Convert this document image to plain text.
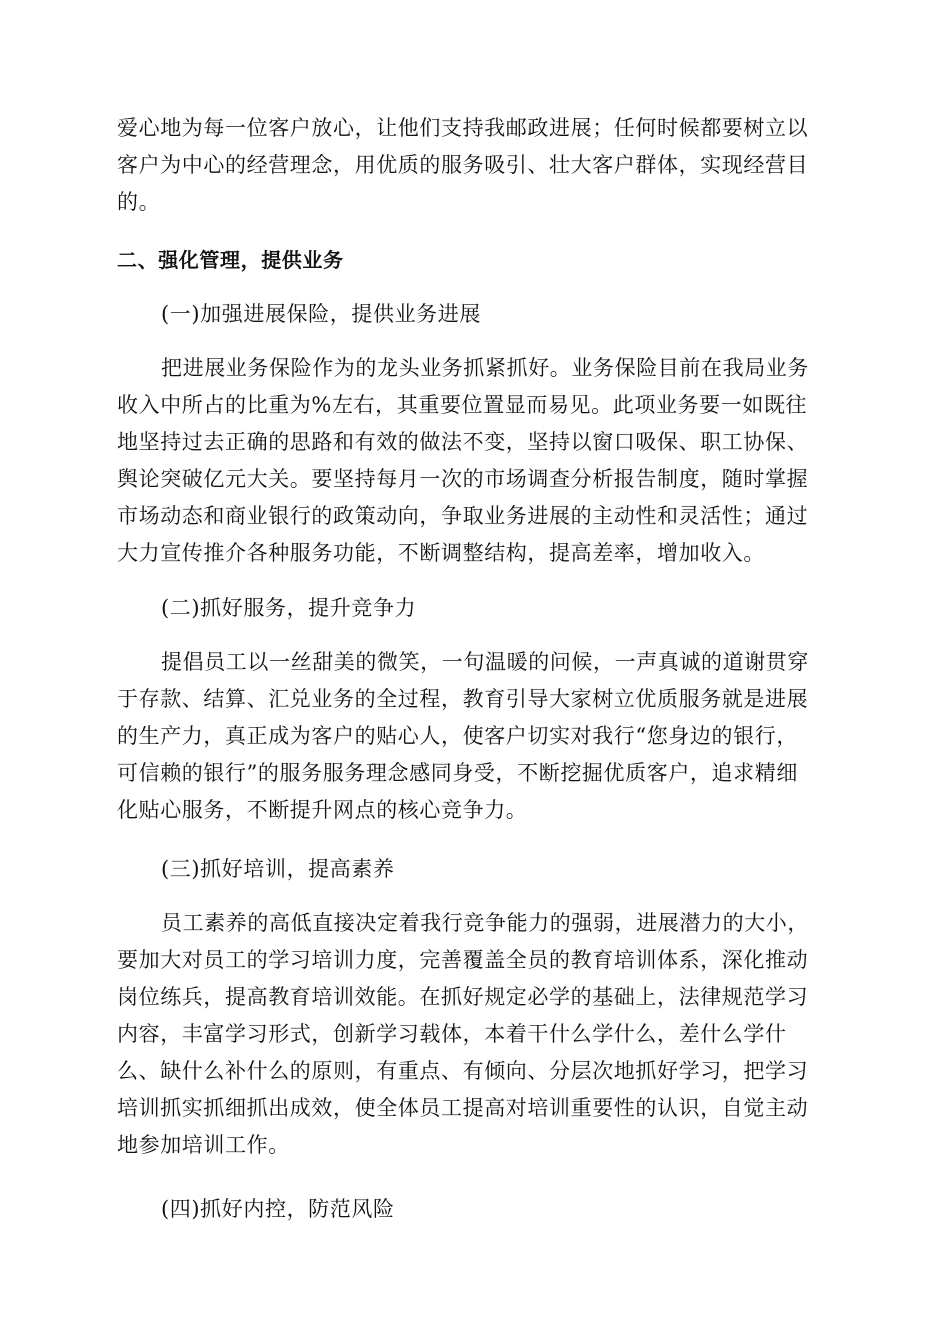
爱心地为每一位客户放心，让他们支持我邮政进展；任何时候都要树立以
客户为中心的经营理念，用优质的服务吸引、壮大客户群体，实现经营目
的。
二、强化管理，提供业务
(一)加强进展保险，提供业务进展
把进展业务保险作为的龙头业务抓紧抓好。业务保险目前在我局业务
收入中所占的比重为%左右，其重要位置显而易见。此项业务要一如既往
地坚持过去正确的思路和有效的做法不变，坚持以窗口吸保、职工协保、
舆论突破亿元大关。要坚持每月一次的市场调查分析报告制度，随时掌握
市场动态和商业银行的政策动向，争取业务进展的主动性和灵活性；通过
大力宣传推介各种服务功能，不断调整结构，提高差率，增加收入。
(二)抓好服务，提升竞争力
提倡员工以一丝甜美的微笑，一句温暖的问候，一声真诚的道谢贯穿
于存款、结算、汇兑业务的全过程，教育引导大家树立优质服务就是进展
的生产力，真正成为客户的贴心人，使客户切实对我行“您身边的银行，
可信赖的银行”的服务服务理念感同身受，不断挖掘优质客户，追求精细
化贴心服务，不断提升网点的核心竞争力。
(三)抓好培训，提高素养
员工素养的高低直接决定着我行竞争能力的强弱，进展潜力的大小，
要加大对员工的学习培训力度，完善覆盖全员的教育培训体系，深化推动
岗位练兵，提高教育培训效能。在抓好规定必学的基础上，法律规范学习
内容，丰富学习形式，创新学习载体，本着干什么学什么，差什么学什
么、缺什么补什么的原则，有重点、有倾向、分层次地抓好学习，把学习
培训抓实抓细抓出成效，使全体员工提高对培训重要性的认识，自觉主动
地参加培训工作。
(四)抓好内控，防范风险
